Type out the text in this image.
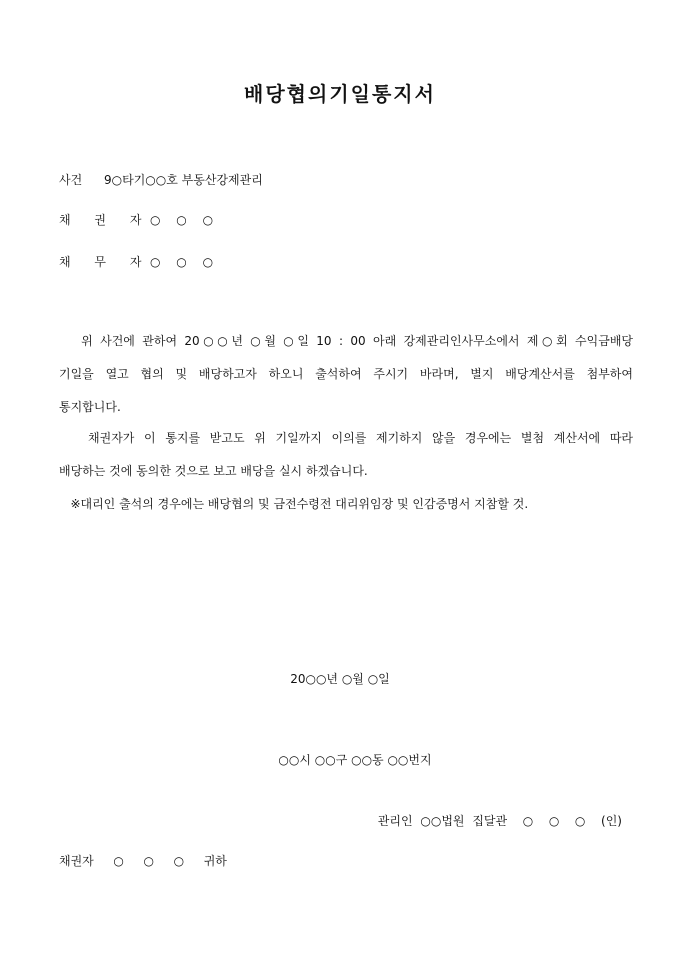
배당협의기일통지서
사건 9○타기○○호 부동산강제관리
채 권 자
○ ○ ○
채 무 자
○ ○ ○
위 사건에 관하여 20○○년 ○월 ○일 10 : 00 아래 강제관리인사무소에서 제○회 수익금배당
기일을 열고 협의 및 배당하고자 하오니 출석하여 주시기 바라며, 별지 배당계산서를 첨부하여
통지합니다.
채권자가 이 통지를 받고도 위 기일까지 이의를 제기하지 않을 경우에는 별첨 계산서에 따라
배당하는 것에 동의한 것으로 보고 배당을 실시 하겠습니다.
※대리인 출석의 경우에는 배당협의 및 금전수령전 대리위임장 및 인감증명서 지참할 것.
20○○년 ○월 ○일
○○시 ○○구 ○○동 ○○번지
관리인 ○○법원 집달관  ○  ○  ○  (인)
채권자  ○  ○  ○  귀하
